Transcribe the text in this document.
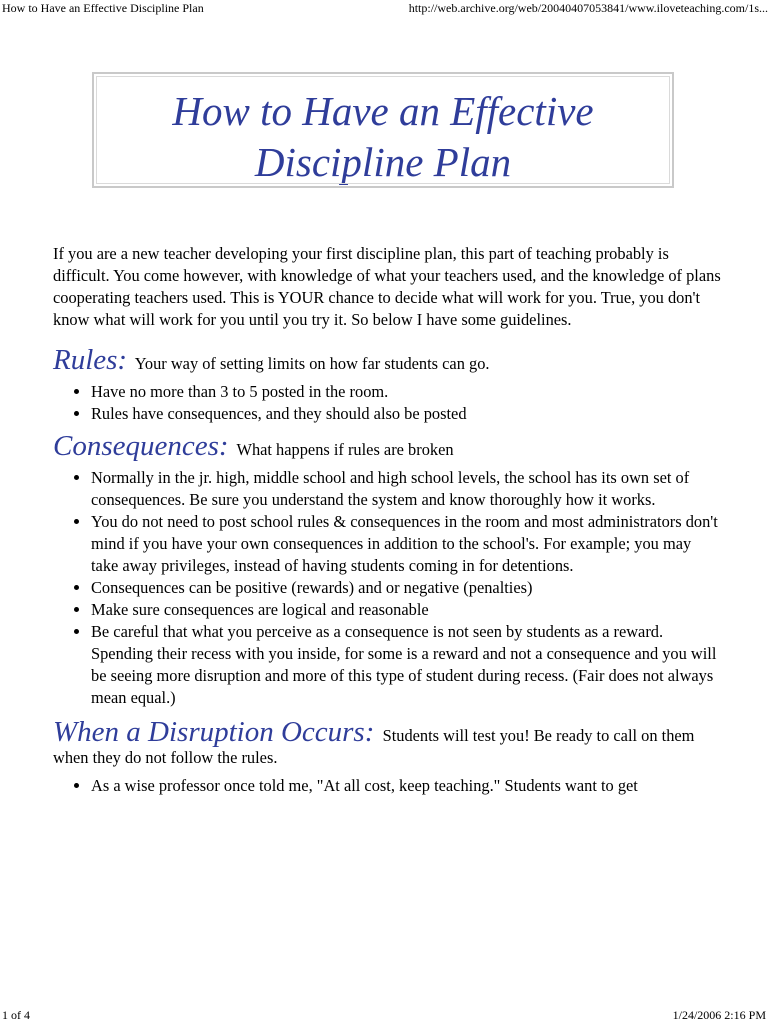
How to Have an Effective Discipline Plan	http://web.archive.org/web/20040407053841/www.iloveteaching.com/1s...
How to Have an Effective
Discipline Plan

If you are a new teacher developing your first discipline plan, this part of teaching probably is difficult. You come however, with knowledge of what your teachers used, and the knowledge of plans cooperating teachers used. This is YOUR chance to decide what will work for you. True, you don't know what will work for you until you try it. So below I have some guidelines.

Rules: Your way of setting limits on how far students can go.

• Have no more than 3 to 5 posted in the room.
• Rules have consequences, and they should also be posted

Consequences: What happens if rules are broken

• Normally in the jr. high, middle school and high school levels, the school has its own set of consequences. Be sure you understand the system and know thoroughly how it works.
• You do not need to post school rules & consequences in the room and most administrators don't mind if you have your own consequences in addition to the school's. For example; you may take away privileges, instead of having students coming in for detentions.
• Consequences can be positive (rewards) and or negative (penalties)
• Make sure consequences are logical and reasonable
• Be careful that what you perceive as a consequence is not seen by students as a reward. Spending their recess with you inside, for some is a reward and not a consequence and you will be seeing more disruption and more of this type of student during recess. (Fair does not always mean equal.)

When a Disruption Occurs: Students will test you! Be ready to call on them when they do not follow the rules.

• As a wise professor once told me, "At all cost, keep teaching." Students want to get
1 of 4	1/24/2006 2:16 PM
